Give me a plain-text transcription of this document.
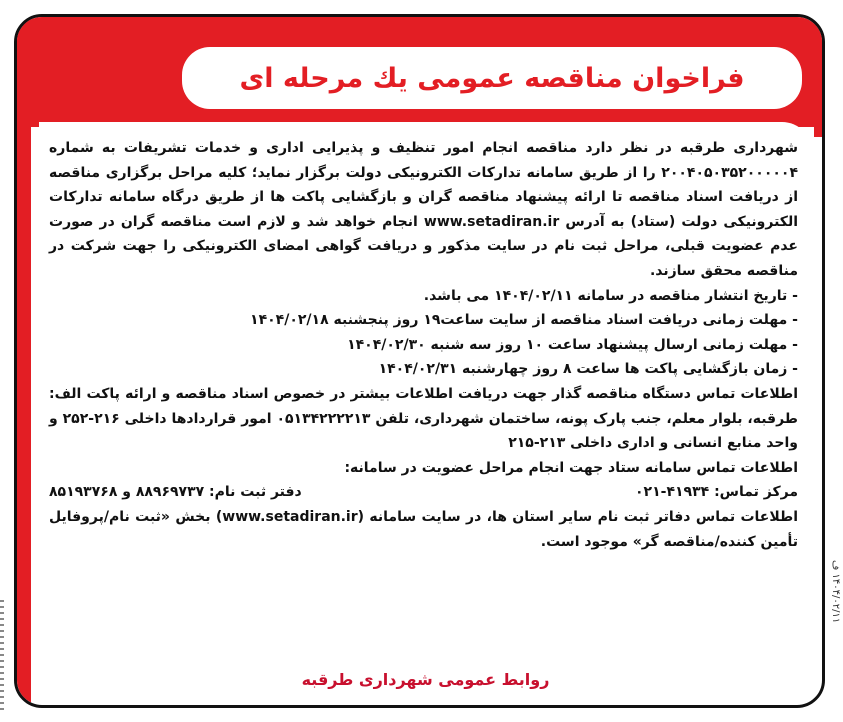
فراخوان مناقصه عمومی یك مرحله ای

شهرداری طرقبه در نظر دارد مناقصه انجام امور تنظیف و پذیرایی اداری و خدمات تشریفات به شماره ۲۰۰۴۰۵۰۳۵۲۰۰۰۰۰۴ را از طریق سامانه تدارکات الکترونیکی دولت برگزار نماید؛ کلیه مراحل برگزاری مناقصه از دریافت اسناد مناقصه تا ارائه پیشنهاد مناقصه گران و بازگشایی پاکت ها از طریق درگاه سامانه تدارکات الکترونیکی دولت (ستاد) به آدرس www.setadiran.ir انجام خواهد شد و لازم است مناقصه گران در صورت عدم عضویت قبلی، مراحل ثبت نام در سایت مذکور و دریافت گواهی امضای الکترونیکی را جهت شرکت در مناقصه محقق سازند.

- تاریخ انتشار مناقصه در سامانه ۱۴۰۴/۰۲/۱۱ می باشد.

- مهلت زمانی دریافت اسناد مناقصه از سایت ساعت۱۹ روز پنجشنبه ۱۴۰۴/۰۲/۱۸

- مهلت زمانی ارسال پیشنهاد ساعت ۱۰ روز سه شنبه ۱۴۰۴/۰۲/۳۰

- زمان بازگشایی پاکت ها ساعت ۸ روز چهارشنبه ۱۴۰۴/۰۲/۳۱

اطلاعات تماس دستگاه مناقصه گذار جهت دریافت اطلاعات بیشتر در خصوص اسناد مناقصه و ارائه پاکت الف: طرقبه، بلوار معلم، جنب پارک پونه، ساختمان شهرداری، تلفن ۰۵۱۳۴۲۲۲۲۱۳ امور قراردادها داخلی ۲۱۶-۲۵۲ و واحد منابع انسانی و اداری داخلی ۲۱۳-۲۱۵

اطلاعات تماس سامانه ستاد جهت انجام مراحل عضویت در سامانه:

مرکز تماس: ۴۱۹۳۴-۰۲۱
دفتر ثبت نام: ۸۸۹۶۹۷۳۷ و ۸۵۱۹۳۷۶۸

اطلاعات تماس دفاتر ثبت نام سایر استان ها، در سایت سامانه (www.setadiran.ir) بخش «ثبت نام/پروفایل تأمین کننده/مناقصه گر» موجود است.

روابط عمومی شهرداری طرقبه
۱۴۰۴/۰۲/۱۱ ف
